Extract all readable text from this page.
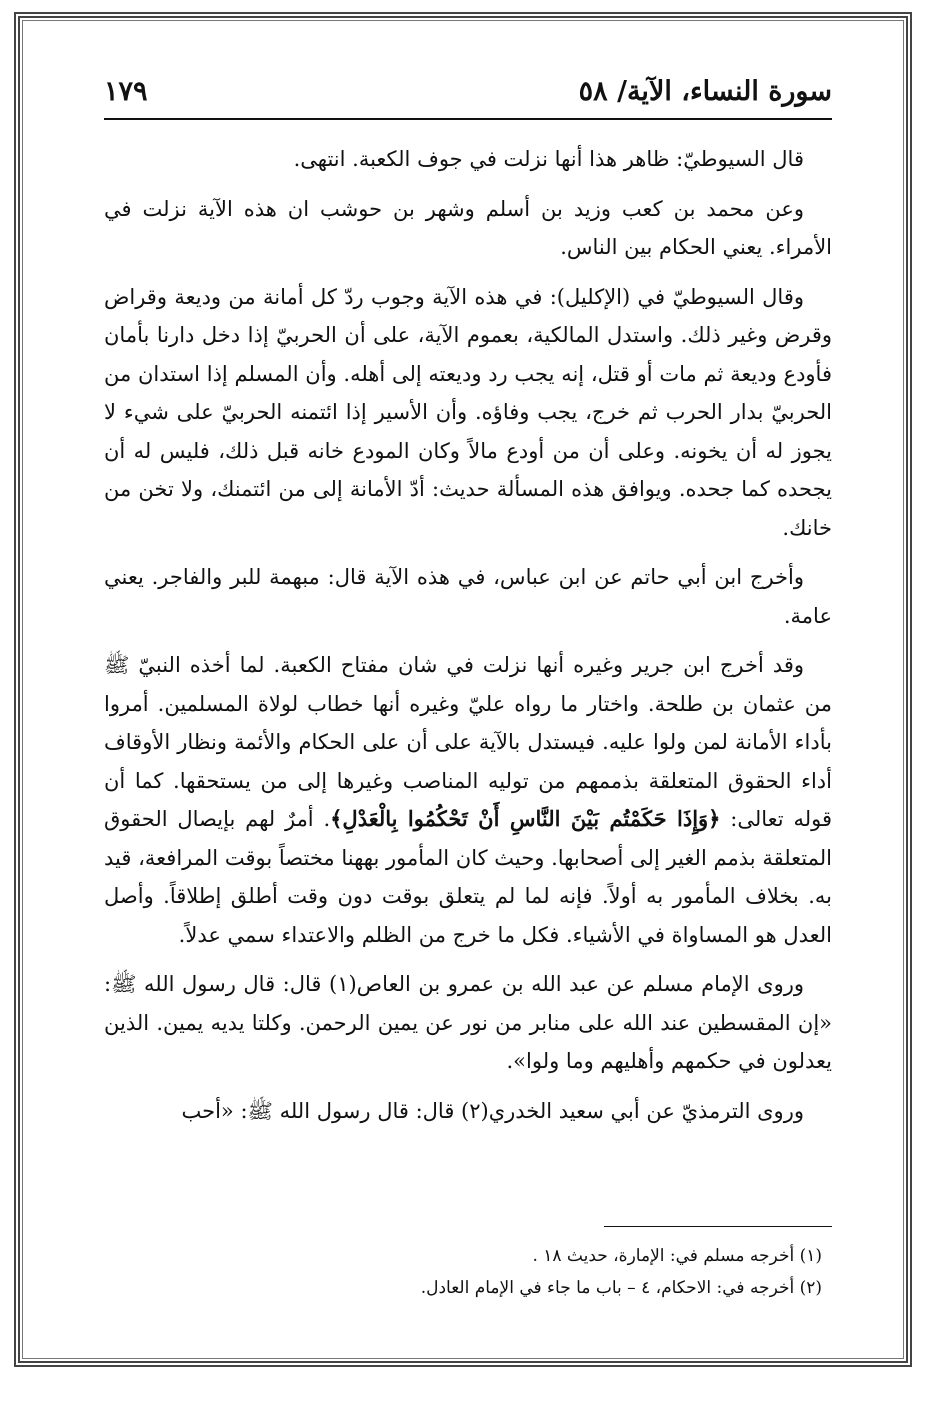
سورة النساء، الآية/ ٥٨
١٧٩

قال السيوطيّ: ظاهر هذا أنها نزلت في جوف الكعبة. انتهى.

وعن محمد بن كعب وزيد بن أسلم وشهر بن حوشب ان هذه الآية نزلت في الأمراء. يعني الحكام بين الناس.

وقال السيوطيّ في (الإكليل): في هذه الآية وجوب ردّ كل أمانة من وديعة وقراض وقرض وغير ذلك. واستدل المالكية، بعموم الآية، على أن الحربيّ إذا دخل دارنا بأمان فأودع وديعة ثم مات أو قتل، إنه يجب رد وديعته إلى أهله. وأن المسلم إذا استدان من الحربيّ بدار الحرب ثم خرج، يجب وفاؤه. وأن الأسير إذا ائتمنه الحربيّ على شيء لا يجوز له أن يخونه. وعلى أن من أودع مالاً وكان المودع خانه قبل ذلك، فليس له أن يجحده كما جحده. ويوافق هذه المسألة حديث: أدّ الأمانة إلى من ائتمنك، ولا تخن من خانك.

وأخرج ابن أبي حاتم عن ابن عباس، في هذه الآية قال: مبهمة للبر والفاجر. يعني عامة.

وقد أخرج ابن جرير وغيره أنها نزلت في شان مفتاح الكعبة. لما أخذه النبيّ ﷺ من عثمان بن طلحة. واختار ما رواه عليّ وغيره أنها خطاب لولاة المسلمين. أمروا بأداء الأمانة لمن ولوا عليه. فيستدل بالآية على أن على الحكام والأئمة ونظار الأوقاف أداء الحقوق المتعلقة بذممهم من توليه المناصب وغيرها إلى من يستحقها. كما أن قوله تعالى: ﴿وَإِذَا حَكَمْتُم بَيْنَ النَّاسِ أَنْ تَحْكُمُوا بِالْعَدْلِ﴾. أمرٌ لهم بإيصال الحقوق المتعلقة بذمم الغير إلى أصحابها. وحيث كان المأمور بههنا مختصاً بوقت المرافعة، قيد به. بخلاف المأمور به أولاً. فإنه لما لم يتعلق بوقت دون وقت أطلق إطلاقاً. وأصل العدل هو المساواة في الأشياء. فكل ما خرج من الظلم والاعتداء سمي عدلاً.

وروى الإمام مسلم عن عبد الله بن عمرو بن العاص(١) قال: قال رسول الله ﷺ: «إن المقسطين عند الله على منابر من نور عن يمين الرحمن. وكلتا يديه يمين. الذين يعدلون في حكمهم وأهليهم وما ولوا».

وروى الترمذيّ عن أبي سعيد الخدري(٢) قال: قال رسول الله ﷺ: «أحب

(١) أخرجه مسلم في: الإمارة، حديث ١٨ .

(٢) أخرجه في: الاحكام، ٤ – باب ما جاء في الإمام العادل.
